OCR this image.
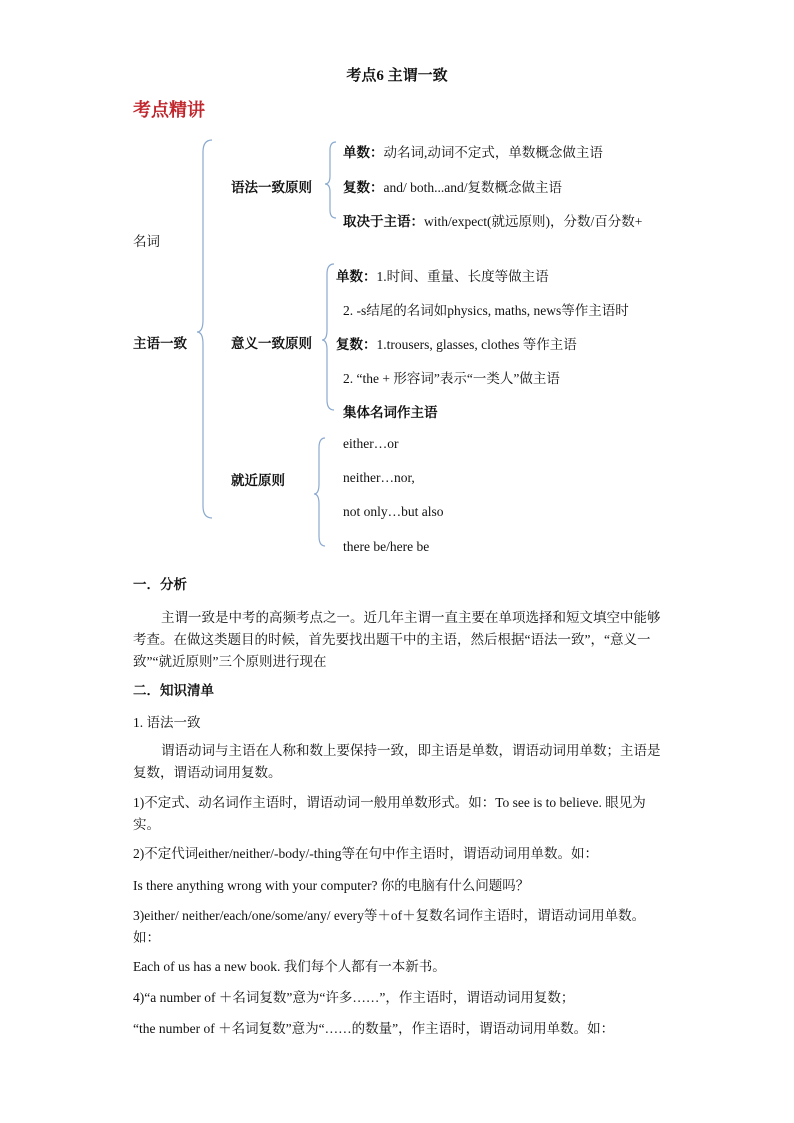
考点6 主谓一致
考点精讲
名词
主语一致
语法一致原则
单数：动名词,动词不定式，单数概念做主语
复数：and/ both...and/复数概念做主语
取决于主语：with/expect(就远原则)，分数/百分数+
意义一致原则
单数：1.时间、重量、长度等做主语
2. -s结尾的名词如physics, maths, news等作主语时
复数：1.trousers, glasses, clothes 等作主语
2. “the + 形容词”表示“一类人”做主语
集体名词作主语
就近原则
either…or
neither…nor,
not only…but also
there be/here be
一．分析
主谓一致是中考的高频考点之一。近几年主谓一直主要在单项选择和短文填空中能够考查。在做这类题目的时候，首先要找出题干中的主语，然后根据“语法一致”，“意义一致”“就近原则”三个原则进行现在
二．知识清单
1. 语法一致
谓语动词与主语在人称和数上要保持一致，即主语是单数，谓语动词用单数；主语是复数，谓语动词用复数。
1)不定式、动名词作主语时，谓语动词一般用单数形式。如：To see is to believe. 眼见为实。
2)不定代词either/neither/-body/-thing等在句中作主语时，谓语动词用单数。如：
Is there anything wrong with your computer? 你的电脑有什么问题吗？
3)either/ neither/each/one/some/any/ every等＋of＋复数名词作主语时，谓语动词用单数。如：
Each of us has a new book. 我们每个人都有一本新书。
4)“a number of ＋名词复数”意为“许多……”，作主语时，谓语动词用复数；
“the number of ＋名词复数”意为“……的数量”，作主语时，谓语动词用单数。如：
